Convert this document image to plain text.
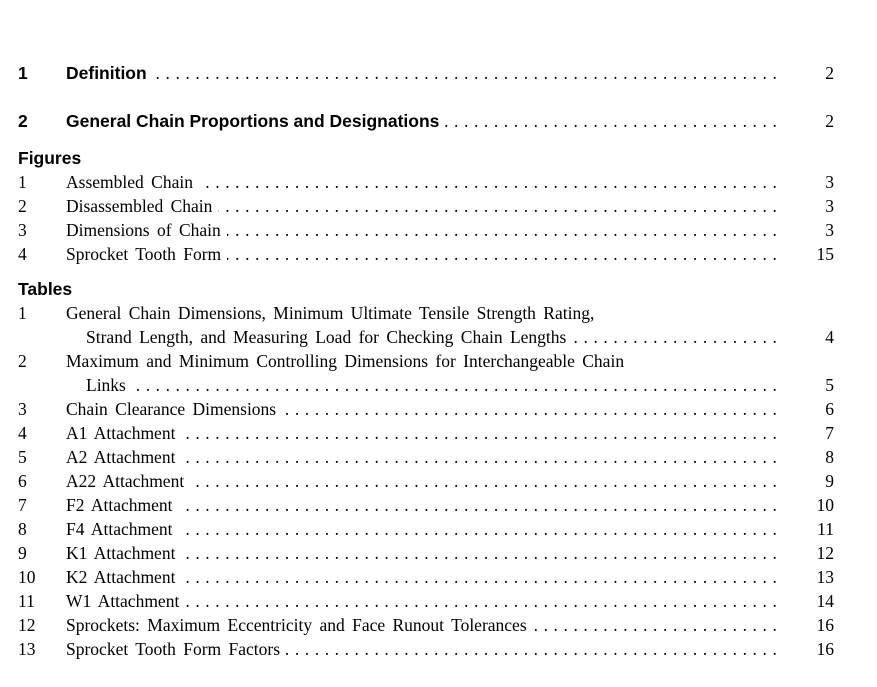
1 Definition . . .	2
2 General Chain Proportions and Designations . . .	2
Figures
1 Assembled Chain . . .	3
2 Disassembled Chain . . .	3
3 Dimensions of Chain . . .	3
4 Sprocket Tooth Form . . .	15
Tables
1 General Chain Dimensions, Minimum Ultimate Tensile Strength Rating,
Strand Length, and Measuring Load for Checking Chain Lengths . . .	4
2 Maximum and Minimum Controlling Dimensions for Interchangeable Chain
Links . . .	5
3 Chain Clearance Dimensions . . .	6
4 A1 Attachment . . .	7
5 A2 Attachment . . .	8
6 A22 Attachment . . .	9
7 F2 Attachment . . .	10
8 F4 Attachment . . .	11
9 K1 Attachment . . .	12
10 K2 Attachment . . .	13
11 W1 Attachment . . .	14
12 Sprockets: Maximum Eccentricity and Face Runout Tolerances . . .	16
13 Sprocket Tooth Form Factors . . .	16
